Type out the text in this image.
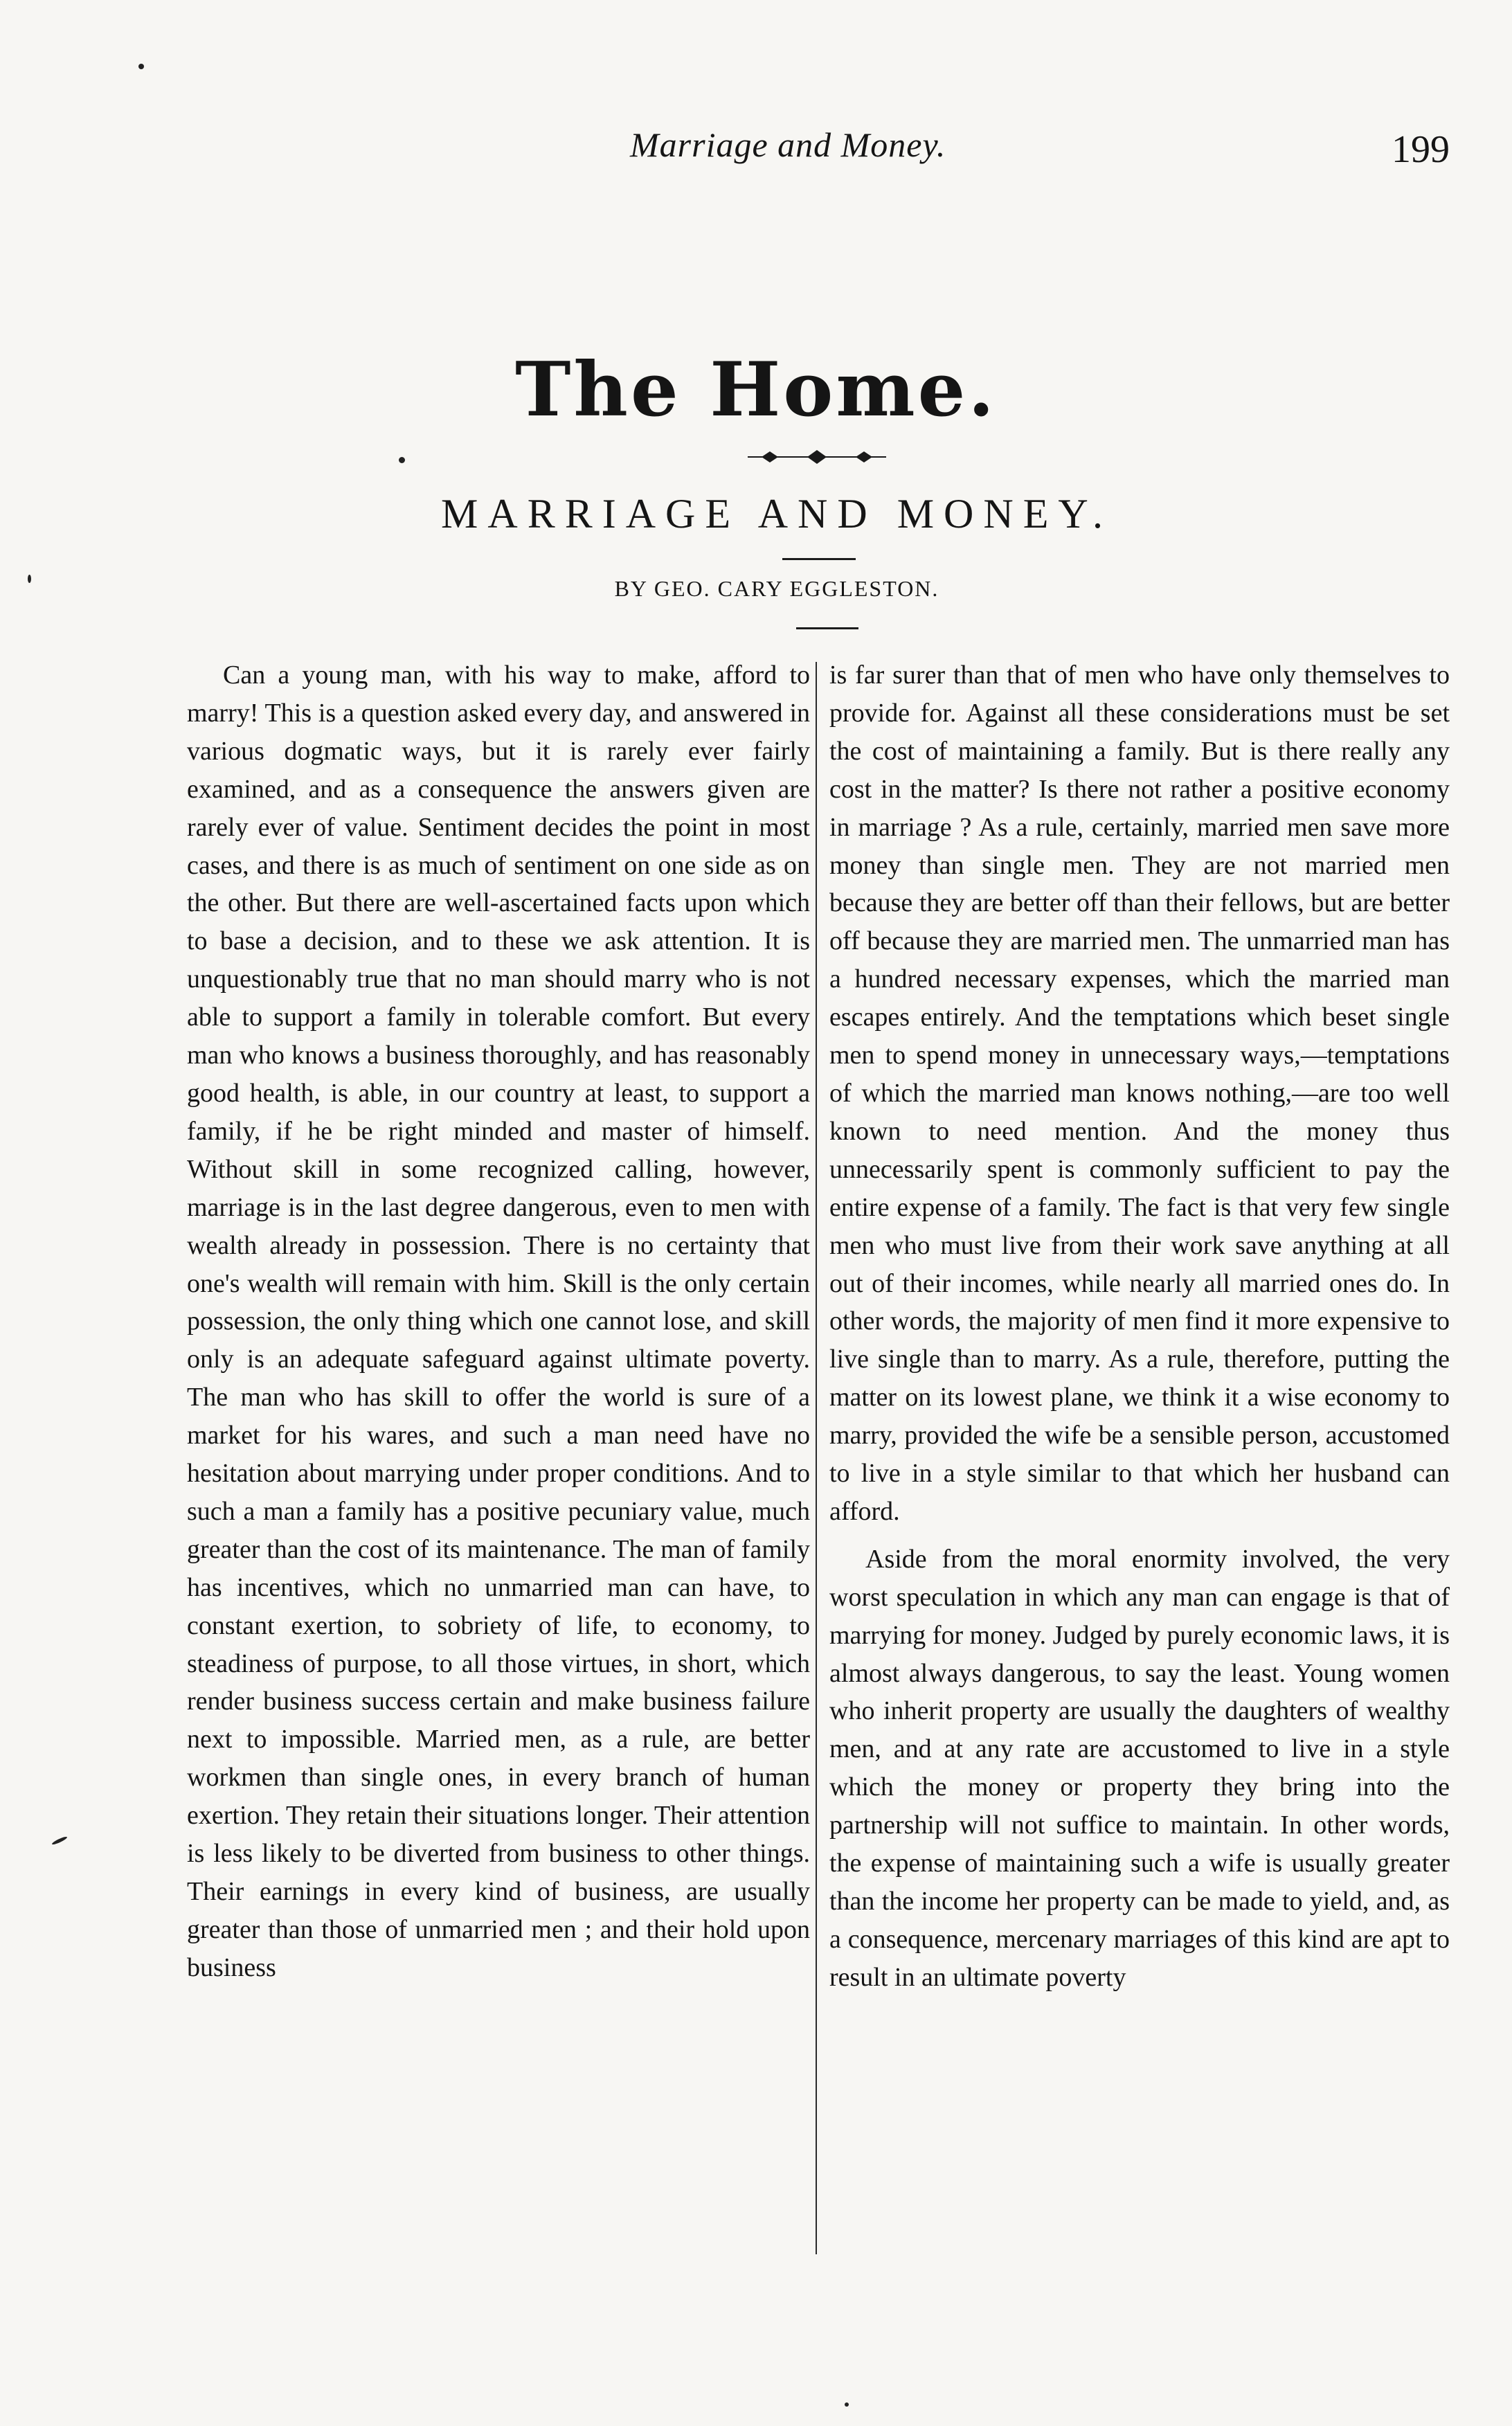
Marriage and Money.	199
The Home.
MARRIAGE AND MONEY.
BY GEO. CARY EGGLESTON.

Can a young man, with his way to make, afford to marry! This is a question asked every day, and answered in various dogmatic ways, but it is rarely ever fairly examined, and as a consequence the answers given are rarely ever of value. Sentiment decides the point in most cases, and there is as much of sentiment on one side as on the other. But there are well-ascertained facts upon which to base a decision, and to these we ask attention. It is unquestionably true that no man should marry who is not able to support a family in tolerable comfort. But every man who knows a business thoroughly, and has reasonably good health, is able, in our country at least, to support a family, if he be right minded and master of himself. Without skill in some recognized calling, however, marriage is in the last degree dangerous, even to men with wealth already in possession. There is no certainty that one's wealth will remain with him. Skill is the only certain possession, the only thing which one cannot lose, and skill only is an adequate safeguard against ultimate poverty. The man who has skill to offer the world is sure of a market for his wares, and such a man need have no hesitation about marrying under proper conditions. And to such a man a family has a positive pecuniary value, much greater than the cost of its maintenance. The man of family has incentives, which no unmarried man can have, to constant exertion, to sobriety of life, to economy, to steadiness of purpose, to all those virtues, in short, which render business success certain and make business failure next to impossible. Married men, as a rule, are better workmen than single ones, in every branch of human exertion. They retain their situations longer. Their attention is less likely to be diverted from business to other things. Their earnings in every kind of business, are usually greater than those of unmarried men ; and their hold upon business

is far surer than that of men who have only themselves to provide for. Against all these considerations must be set the cost of maintaining a family. But is there really any cost in the matter? Is there not rather a positive economy in marriage ? As a rule, certainly, married men save more money than single men. They are not married men because they are better off than their fellows, but are better off because they are married men. The unmarried man has a hundred necessary expenses, which the married man escapes entirely. And the temptations which beset single men to spend money in unnecessary ways,—temptations of which the married man knows nothing,—are too well known to need mention. And the money thus unnecessarily spent is commonly sufficient to pay the entire expense of a family. The fact is that very few single men who must live from their work save anything at all out of their incomes, while nearly all married ones do. In other words, the majority of men find it more expensive to live single than to marry. As a rule, therefore, putting the matter on its lowest plane, we think it a wise economy to marry, provided the wife be a sensible person, accustomed to live in a style similar to that which her husband can afford.

Aside from the moral enormity involved, the very worst speculation in which any man can engage is that of marrying for money. Judged by purely economic laws, it is almost always dangerous, to say the least. Young women who inherit property are usually the daughters of wealthy men, and at any rate are accustomed to live in a style which the money or property they bring into the partnership will not suffice to maintain. In other words, the expense of maintaining such a wife is usually greater than the income her property can be made to yield, and, as a consequence, mercenary marriages of this kind are apt to result in an ultimate poverty
